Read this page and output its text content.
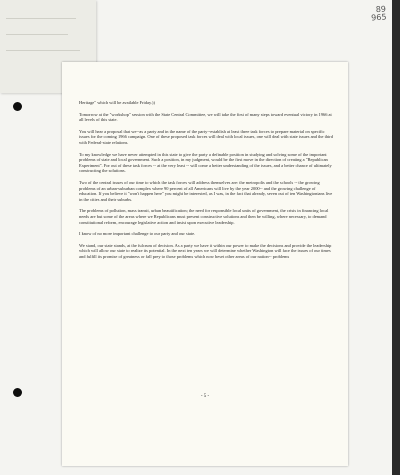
89
965

Heritage" which will be available Friday.))

Tomorrow at the "workshop" session with the State Central Committee, we will take the first of many steps toward eventual victory in 1966 at all levels of this state.

You will hear a proposal that we--as a party and in the name of the party--establish at least three task forces to prepare material on specific issues for the coming 1966 campaign. One of these proposed task forces will deal with local issues, one will deal with state issues and the third with Federal-state relations.

To my knowledge we have never attempted in this state to give the party a definable position in studying and solving some of the important problems of state and local government. Such a position, in my judgment, would be the first move in the direction of creating a "Republican Experiment". For out of these task forces -- at the very least -- will come a better understanding of the issues, and a better chance of ultimately constructing the solutions.

Two of the central issues of our time to which the task forces will address themselves are: the metropolis and the schools -- the growing problems of an urban-suburban complex where 90 percent of all Americans will live by the year 2000-- and the growing challenge of education. If you believe it "won't happen here" you might be interested, as I was, in the fact that already, seven out of ten Washingtonians live in the cities and their suburbs.

The problems of pollution, mass transit, urban beautification; the need for responsible local units of government, the crisis in financing local needs are but some of the areas where we Republicans must present constructive solutions and then be willing, where necessary, to demand constitutional reform, encourage legislative action and insist upon executive leadership.

I know of no more important challenge to our party and our state.

We stand, our state stands, at the fulcrum of decision. As a party we have it within our power to make the decisions and provide the leadership which will allow our state to realize its potential. In the next ten years we will determine whether Washington will face the issues of our times and fulfill its promise of greatness or fall prey to those problems which now beset other areas of our nation-- problems

- 5 -
